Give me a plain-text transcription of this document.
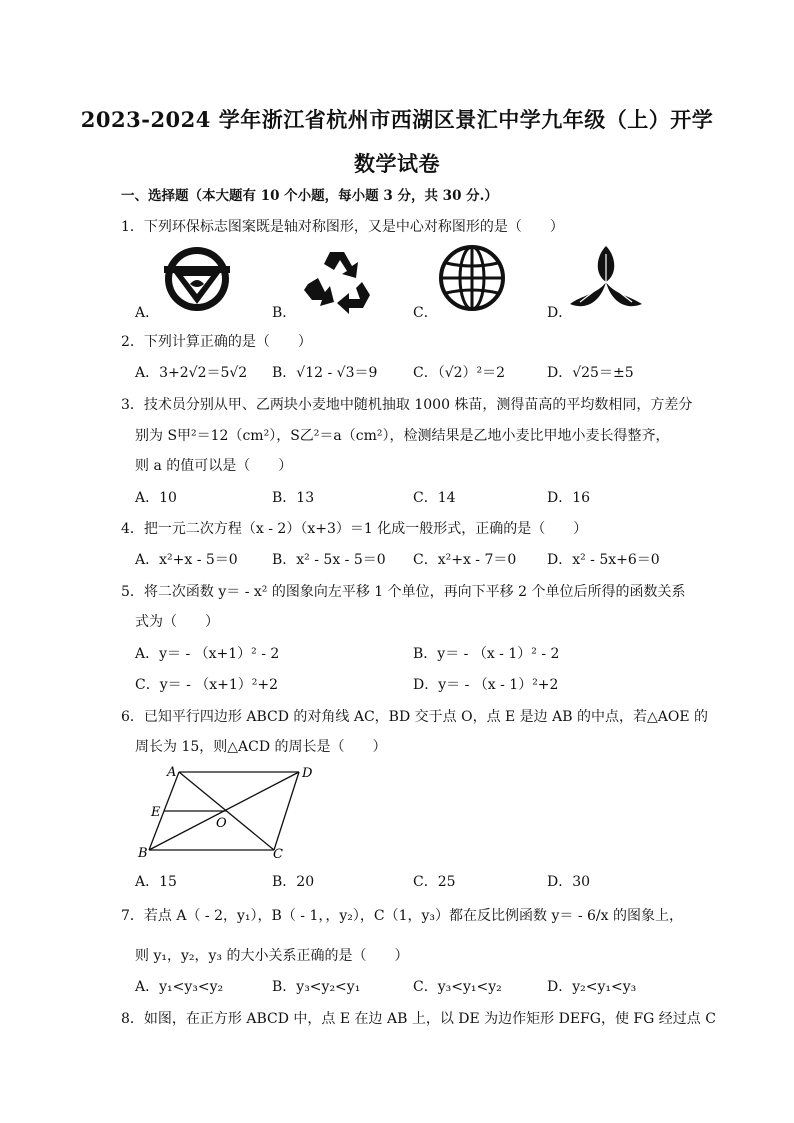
2023-2024 学年浙江省杭州市西湖区景汇中学九年级（上）开学
数学试卷
一、选择题（本大题有 10 个小题，每小题 3 分，共 30 分.）
1．下列环保标志图案既是轴对称图形，又是中心对称图形的是（　　）
A．	B．	C．	D．
2．下列计算正确的是（　　）
A．3+2√2＝5√2 B．√12 - √3＝9	C．（√2）²＝2	D．√25＝±5
3．技术员分别从甲、乙两块小麦地中随机抽取 1000 株苗，测得苗高的平均数相同，方差分
别为 S甲²＝12（cm²），S乙²＝a（cm²），检测结果是乙地小麦比甲地小麦长得整齐，
则 a 的值可以是（　　）
A．10	B．13	C．14	D．16
4．把一元二次方程（x - 2）（x+3）＝1 化成一般形式，正确的是（　　）
A．x²+x - 5＝0 B．x² - 5x - 5＝0 C．x²+x - 7＝0 D．x² - 5x+6＝0
5．将二次函数 y＝ - x² 的图象向左平移 1 个单位，再向下平移 2 个单位后所得的函数关系
式为（　　）
A．y＝ - （x+1）² - 2	B．y＝ - （x - 1）² - 2
C．y＝ - （x+1）²+2	D．y＝ - （x - 1）²+2
6．已知平行四边形 ABCD 的对角线 AC，BD 交于点 O，点 E 是边 AB 的中点，若△AOE 的
周长为 15，则△ACD 的周长是（　　）
A	D
E
O
B	C
A．15	B．20	C．25	D．30
7．若点 A（ - 2，y₁），B（ - 1，，y₂），C（1，y₃）都在反比例函数 y＝ - 6/x 的图象上，
则 y₁，y₂，y₃ 的大小关系正确的是（　　）
A．y₁<y₃<y₂	B．y₃<y₂<y₁	C．y₃<y₁<y₂	D．y₂<y₁<y₃
8．如图，在正方形 ABCD 中，点 E 在边 AB 上，以 DE 为边作矩形 DEFG，使 FG 经过点 C
